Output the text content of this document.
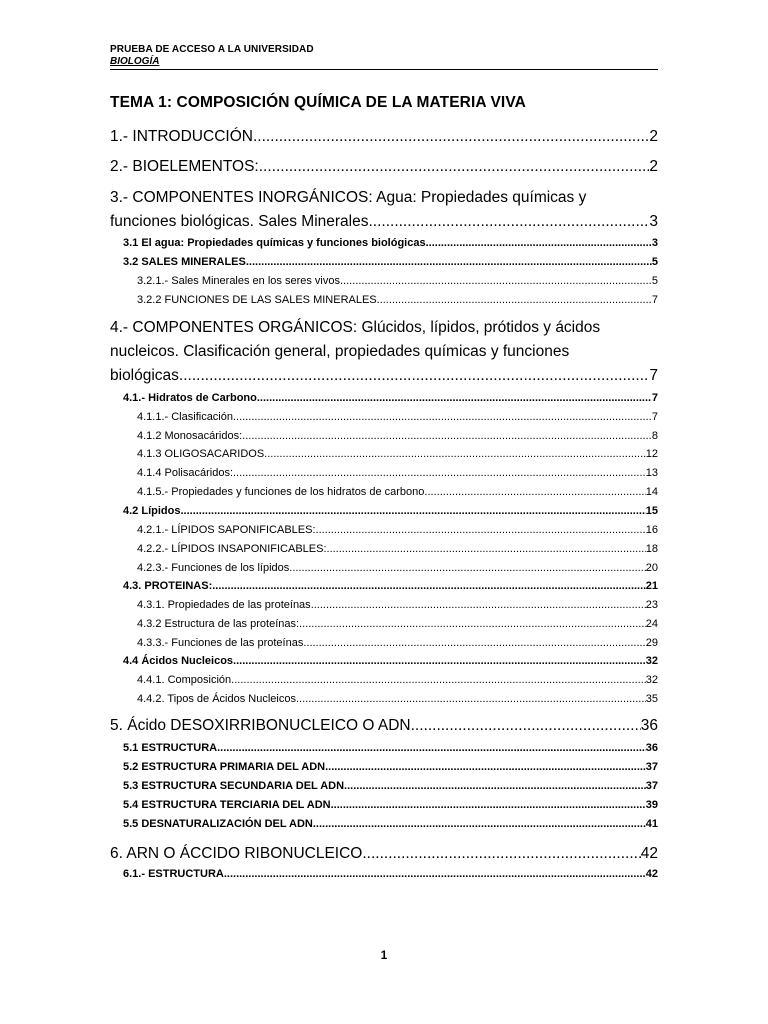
PRUEBA DE ACCESO A LA UNIVERSIDAD
BIOLOGÍA
TEMA 1: COMPOSICIÓN QUÍMICA DE LA MATERIA VIVA
1.- INTRODUCCIÓN .....	2
2.- BIOELEMENTOS: .....	2
3.- COMPONENTES INORGÁNICOS: Agua: Propiedades químicas y
funciones biológicas. Sales Minerales .....	3
3.1 El agua: Propiedades químicas y funciones biológicas .....	3
3.2 SALES MINERALES .....	5
3.2.1.- Sales Minerales en los seres vivos. .....	5
3.2.2 FUNCIONES DE LAS SALES MINERALES .....	7
4.- COMPONENTES ORGÁNICOS: Glúcidos, lípidos, prótidos y ácidos
nucleicos. Clasificación general, propiedades químicas y funciones
biológicas. .....	7
4.1.- Hidratos de Carbono .....	7
4.1.1.- Clasificación .....	7
4.1.2 Monosacáridos: .....	8
4.1.3 OLIGOSACARIDOS .....	12
4.1.4 Polisacáridos: .....	13
4.1.5.- Propiedades y funciones de los hidratos de carbono .....	14
4.2 Lípidos .....	15
4.2.1.- LÍPIDOS SAPONIFICABLES: .....	16
4.2.2.- LÍPIDOS INSAPONIFICABLES: .....	18
4.2.3.- Funciones de los lípidos .....	20
4.3. PROTEINAS: .....	21
4.3.1. Propiedades de las proteínas .....	23
4.3.2 Estructura de las proteínas: .....	24
4.3.3.- Funciones de las proteínas .....	29
4.4 Ácidos Nucleicos .....	32
4.4.1. Composición .....	32
4.4.2. Tipos de Ácidos Nucleicos .....	35
5. Ácido DESOXIRRIBONUCLEICO O ADN .....	36
5.1 ESTRUCTURA .....	36
5.2 ESTRUCTURA PRIMARIA DEL ADN .....	37
5.3 ESTRUCTURA SECUNDARIA DEL ADN .....	37
5.4 ESTRUCTURA TERCIARIA DEL ADN .....	39
5.5 DESNATURALIZACIÓN DEL ADN .....	41
6. ARN O ÁCCIDO RIBONUCLEICO .....	42
6.1.- ESTRUCTURA .....	42
1
